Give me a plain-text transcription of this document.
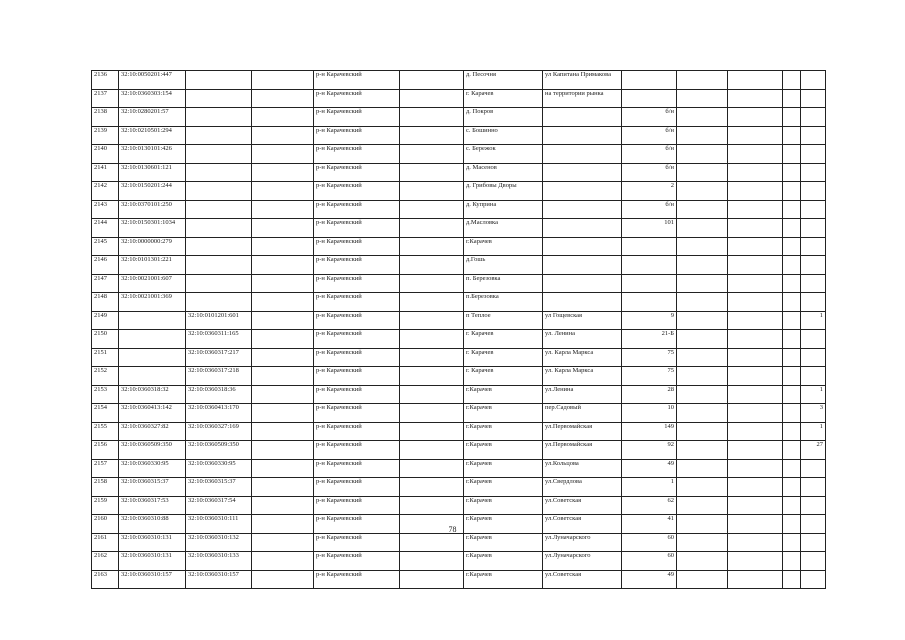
2136	32:10:0050201:447			р-н Карачевский		д. Песочня	ул Капитана Примакова					
2137	32:10:0360303:154			р-н Карачевский		г. Карачев	на территории рынка					
2138	32:10:0280201:57			р-н Карачевский		д. Покров		б/н				
2139	32:10:0210501:294			р-н Карачевский		с. Бошинно		б/н				
2140	32:10:0130101:426			р-н Карачевский		с. Бережок		б/н				
2141	32:10:0130601:121			р-н Карачевский		д. Масенов		б/н				
2142	32:10:0150201:244			р-н Карачевский		д. Грибовы Дворы		2				
2143	32:10:0370101:250			р-н Карачевский		д. Куприна		б/н				
2144	32:10:0150301:1034			р-н Карачевский		д.Масловка		101				
2145	32:10:0000000:279			р-н Карачевский		г.Карачев						
2146	32:10:0101301:221			р-н Карачевский		д.Гошь						
2147	32:10:0021001:607			р-н Карачевский		п. Березовка						
2148	32:10:0021001:369			р-н Карачевский		п.Березовка						
2149		32:10:0101201:601		р-н Карачевский		п Теплое	ул Гощевская	9				1
2150		32:10:0360311:165		р-н Карачевский		г. Карачев	ул. Ленина	21-Б				
2151		32:10:0360317:217		р-н Карачевский		г. Карачев	ул. Карла Маркса	75				
2152		32:10:0360317:218		р-н Карачевский		г. Карачев	ул. Карла Маркса	75				
2153	32:10:0360318:32	32:10:0360318:36		р-н Карачевский		г.Карачев	ул.Ленина	28				1
2154	32:10:0360413:142	32:10:0360413:170		р-н Карачевский		г.Карачев	пер.Садовый	10				3
2155	32:10:0360327:82	32:10:0360327:169		р-н Карачевский		г.Карачев	ул.Первомайская	149				1
2156	32:10:0360509:350	32:10:0360509:350		р-н Карачевский		г.Карачев	ул.Первомайская	92				27
2157	32:10:0360330:95	32:10:0360330:95		р-н Карачевский		г.Карачев	ул.Кольцова	49				
2158	32:10:0360315:37	32:10:0360315:37		р-н Карачевский		г.Карачев	ул.Свердлова	1				
2159	32:10:0360317:53	32:10:0360317:54		р-н Карачевский		г.Карачев	ул.Советская	62				
2160	32:10:0360310:88	32:10:0360310:111		р-н Карачевский		г.Карачев	ул.Советская	41				
2161	32:10:0360310:131	32:10:0360310:132		р-н Карачевский		г.Карачев	ул.Луначарского	60				
2162	32:10:0360310:131	32:10:0360310:133		р-н Карачевский		г.Карачев	ул.Луначарского	60				
2163	32:10:0360310:157	32:10:0360310:157		р-н Карачевский		г.Карачев	ул.Советская	49				
78
